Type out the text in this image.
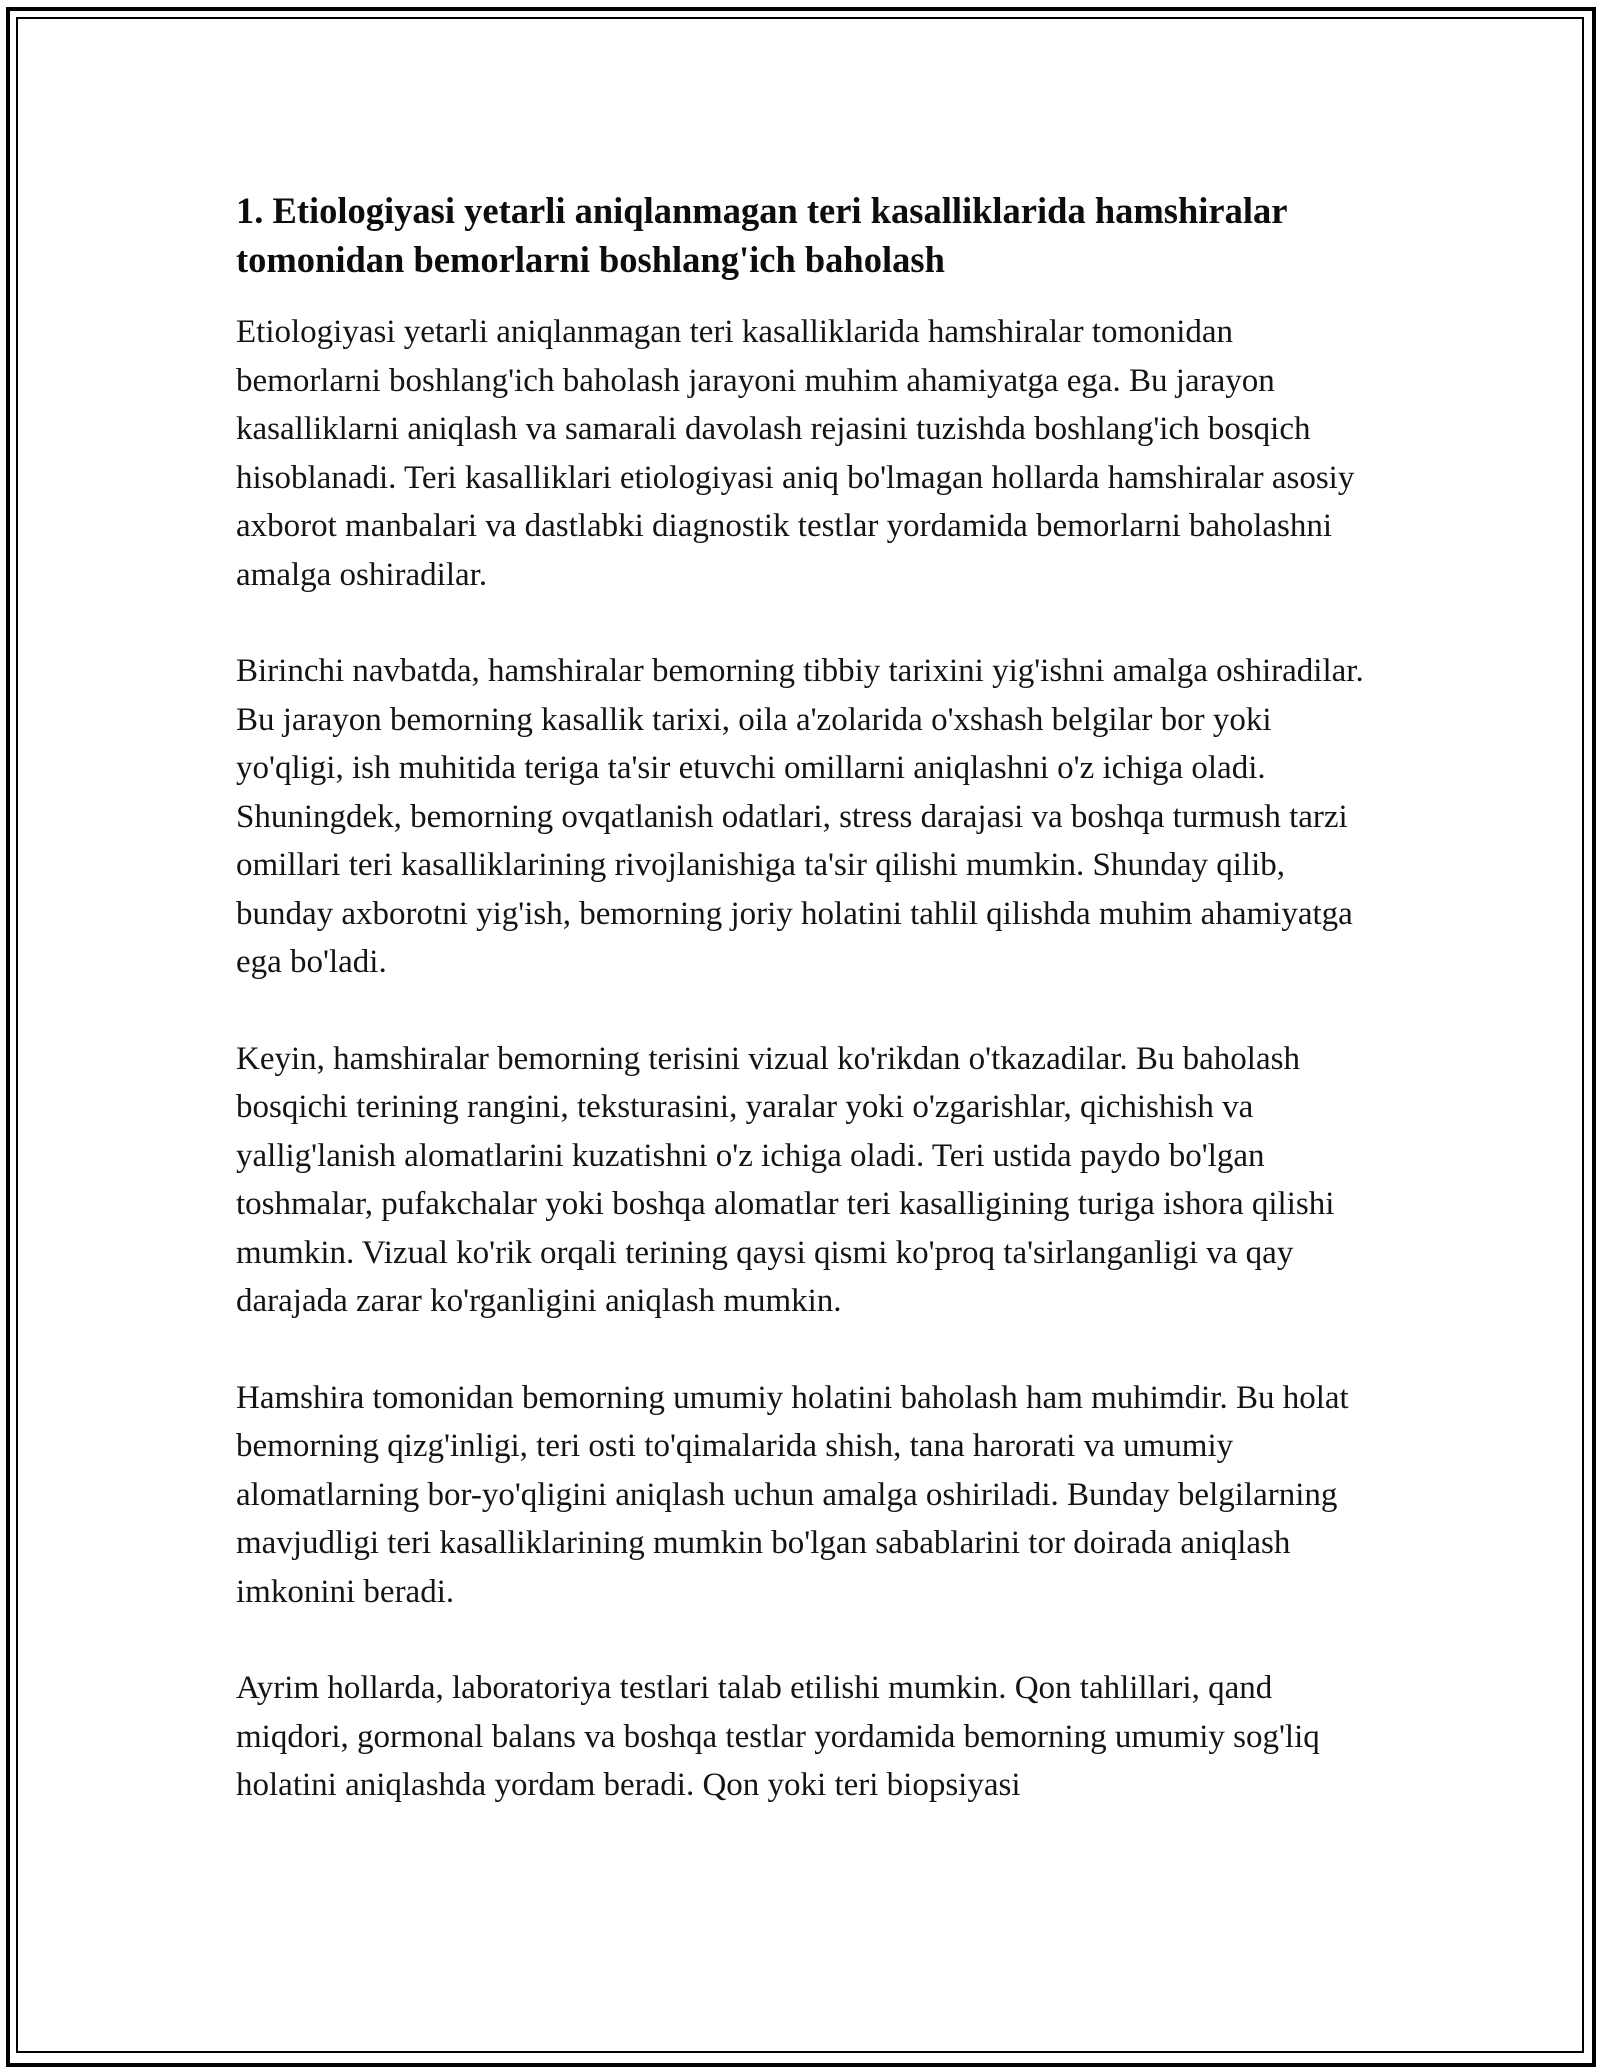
1. Etiologiyasi yetarli aniqlanmagan teri kasalliklarida hamshiralar tomonidan bemorlarni boshlang'ich baholash

Etiologiyasi yetarli aniqlanmagan teri kasalliklarida hamshiralar tomonidan bemorlarni boshlang'ich baholash jarayoni muhim ahamiyatga ega. Bu jarayon kasalliklarni aniqlash va samarali davolash rejasini tuzishda boshlang'ich bosqich hisoblanadi. Teri kasalliklari etiologiyasi aniq bo'lmagan hollarda hamshiralar asosiy axborot manbalari va dastlabki diagnostik testlar yordamida bemorlarni baholashni amalga oshiradilar.

Birinchi navbatda, hamshiralar bemorning tibbiy tarixini yig'ishni amalga oshiradilar. Bu jarayon bemorning kasallik tarixi, oila a'zolarida o'xshash belgilar bor yoki yo'qligi, ish muhitida teriga ta'sir etuvchi omillarni aniqlashni o'z ichiga oladi. Shuningdek, bemorning ovqatlanish odatlari, stress darajasi va boshqa turmush tarzi omillari teri kasalliklarining rivojlanishiga ta'sir qilishi mumkin. Shunday qilib, bunday axborotni yig'ish, bemorning joriy holatini tahlil qilishda muhim ahamiyatga ega bo'ladi.

Keyin, hamshiralar bemorning terisini vizual ko'rikdan o'tkazadilar. Bu baholash bosqichi terining rangini, teksturasini, yaralar yoki o'zgarishlar, qichishish va yallig'lanish alomatlarini kuzatishni o'z ichiga oladi. Teri ustida paydo bo'lgan toshmalar, pufakchalar yoki boshqa alomatlar teri kasalligining turiga ishora qilishi mumkin. Vizual ko'rik orqali terining qaysi qismi ko'proq ta'sirlanganligi va qay darajada zarar ko'rganligini aniqlash mumkin.

Hamshira tomonidan bemorning umumiy holatini baholash ham muhimdir. Bu holat bemorning qizg'inligi, teri osti to'qimalarida shish, tana harorati va umumiy alomatlarning bor-yo'qligini aniqlash uchun amalga oshiriladi. Bunday belgilarning mavjudligi teri kasalliklarining mumkin bo'lgan sabablarini tor doirada aniqlash imkonini beradi.

Ayrim hollarda, laboratoriya testlari talab etilishi mumkin. Qon tahlillari, qand miqdori, gormonal balans va boshqa testlar yordamida bemorning umumiy sog'liq holatini aniqlashda yordam beradi. Qon yoki teri biopsiyasi
